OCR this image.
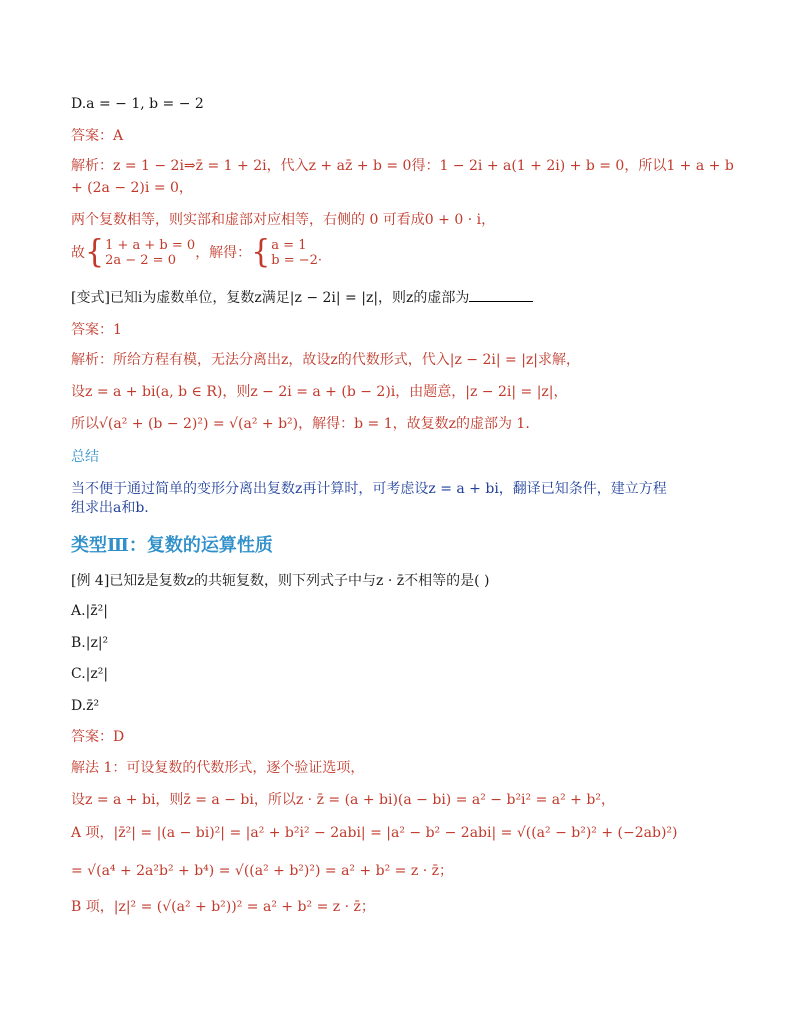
D.a = − 1, b = − 2
答案：A
解析：z = 1 − 2i⇒z̄ = 1 + 2i，代入z + az̄ + b = 0得：1 − 2i + a(1 + 2i) + b = 0，所以1 + a + b
+ (2a − 2)i = 0，
两个复数相等，则实部和虚部对应相等，右侧的 0 可看成0 + 0 · i，
故{1 + a + b = 0
2a − 2 = 0 ，解得：{a = 1
b = −2·
[变式]已知i为虚数单位，复数z满足|z − 2i| = |z|，则z的虚部为
答案：1
解析：所给方程有模，无法分离出z，故设z的代数形式，代入|z − 2i| = |z|求解，
设z = a + bi(a, b ∈ R)，则z − 2i = a + (b − 2)i，由题意，|z − 2i| = |z|，
所以√(a² + (b − 2)²) = √(a² + b²)，解得：b = 1，故复数z的虚部为 1.
总结
当不便于通过简单的变形分离出复数z再计算时，可考虑设z = a + bi，翻译已知条件，建立方程
组求出a和b.
类型Ⅲ：复数的运算性质
[例 4]已知z̄是复数z的共轭复数，则下列式子中与z · z̄不相等的是( )
A.|z̄²|
B.|z|²
C.|z²|
D.z̄²
答案：D
解法 1：可设复数的代数形式，逐个验证选项，
设z = a + bi，则z̄ = a − bi，所以z · z̄ = (a + bi)(a − bi) = a² − b²i² = a² + b²，
A 项，|z̄²| = |(a − bi)²| = |a² + b²i² − 2abi| = |a² − b² − 2abi| = √((a² − b²)² + (−2ab)²)
= √(a⁴ + 2a²b² + b⁴) = √((a² + b²)²) = a² + b² = z · z̄；
B 项，|z|² = (√(a² + b²))² = a² + b² = z · z̄；
